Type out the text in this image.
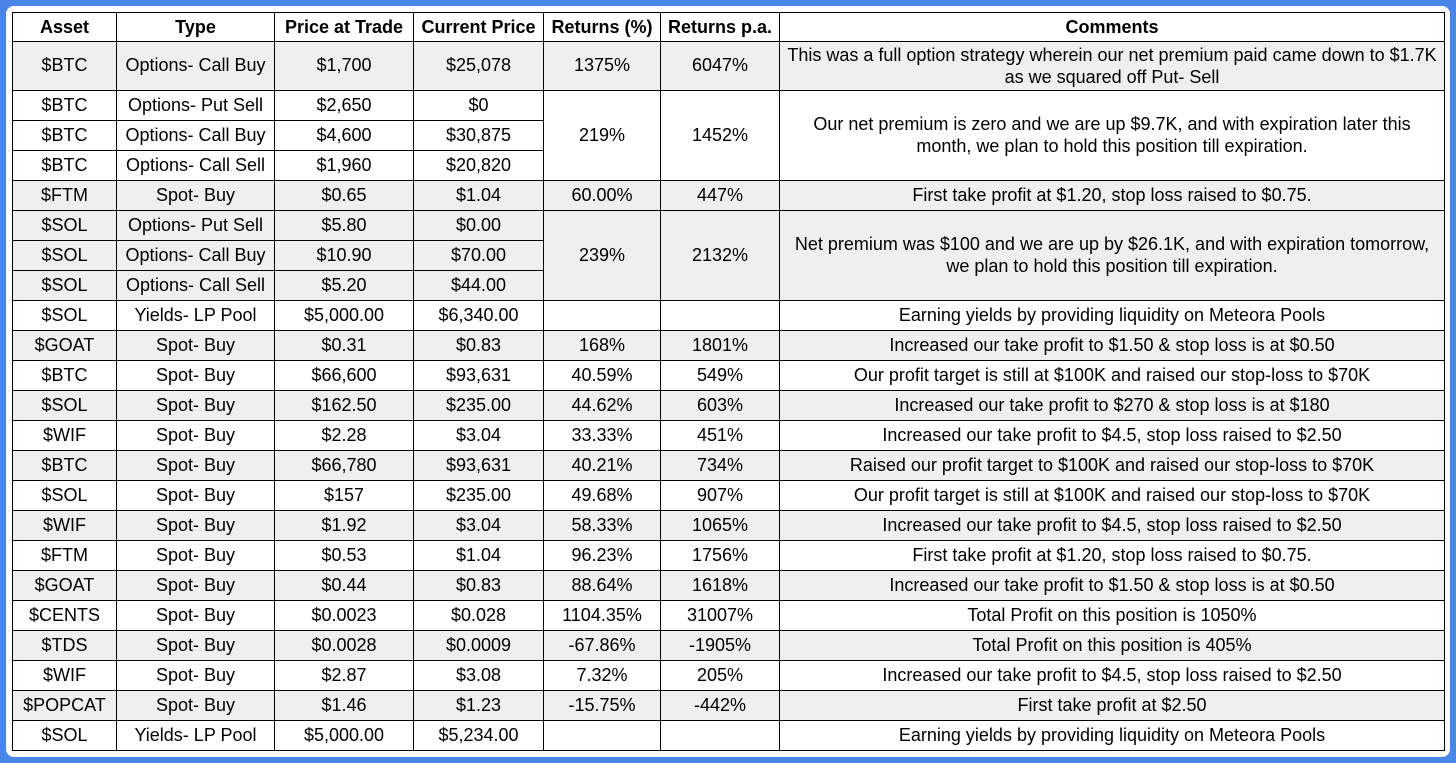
Asset	Type	Price at Trade	Current Price	Returns (%)	Returns p.a.	Comments
$BTC	Options- Call Buy	$1,700	$25,078	1375%	6047%	This was a full option strategy wherein our net premium paid came down to $1.7K as we squared off Put- Sell
$BTC	Options- Put Sell	$2,650	$0	219%	1452%	Our net premium is zero and we are up $9.7K, and with expiration later this month, we plan to hold this position till expiration.
$BTC	Options- Call Buy	$4,600	$30,875			
$BTC	Options- Call Sell	$1,960	$20,820			
$FTM	Spot- Buy	$0.65	$1.04	60.00%	447%	First take profit at $1.20, stop loss raised to $0.75.
$SOL	Options- Put Sell	$5.80	$0.00	239%	2132%	Net premium was $100 and we are up by $26.1K, and with expiration tomorrow, we plan to hold this position till expiration.
$SOL	Options- Call Buy	$10.90	$70.00			
$SOL	Options- Call Sell	$5.20	$44.00			
$SOL	Yields- LP Pool	$5,000.00	$6,340.00			Earning yields by providing liquidity on Meteora Pools
$GOAT	Spot- Buy	$0.31	$0.83	168%	1801%	Increased our take profit to $1.50 & stop loss is at $0.50
$BTC	Spot- Buy	$66,600	$93,631	40.59%	549%	Our profit target is still at $100K and raised our stop-loss to $70K
$SOL	Spot- Buy	$162.50	$235.00	44.62%	603%	Increased our take profit to $270 & stop loss is at $180
$WIF	Spot- Buy	$2.28	$3.04	33.33%	451%	Increased our take profit to $4.5, stop loss raised to $2.50
$BTC	Spot- Buy	$66,780	$93,631	40.21%	734%	Raised our profit target to $100K and raised our stop-loss to $70K
$SOL	Spot- Buy	$157	$235.00	49.68%	907%	Our profit target is still at $100K and raised our stop-loss to $70K
$WIF	Spot- Buy	$1.92	$3.04	58.33%	1065%	Increased our take profit to $4.5, stop loss raised to $2.50
$FTM	Spot- Buy	$0.53	$1.04	96.23%	1756%	First take profit at $1.20, stop loss raised to $0.75.
$GOAT	Spot- Buy	$0.44	$0.83	88.64%	1618%	Increased our take profit to $1.50 & stop loss is at $0.50
$CENTS	Spot- Buy	$0.0023	$0.028	1104.35%	31007%	Total Profit on this position is 1050%
$TDS	Spot- Buy	$0.0028	$0.0009	-67.86%	-1905%	Total Profit on this position is 405%
$WIF	Spot- Buy	$2.87	$3.08	7.32%	205%	Increased our take profit to $4.5, stop loss raised to $2.50
$POPCAT	Spot- Buy	$1.46	$1.23	-15.75%	-442%	First take profit at $2.50
$SOL	Yields- LP Pool	$5,000.00	$5,234.00			Earning yields by providing liquidity on Meteora Pools
